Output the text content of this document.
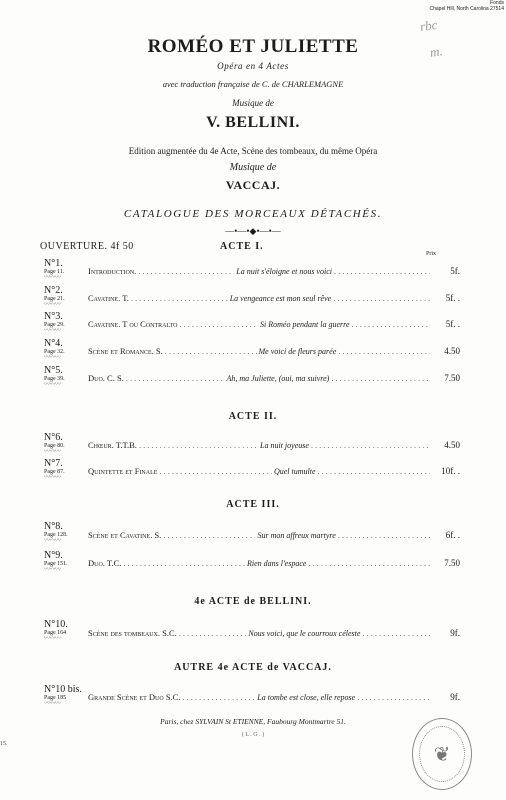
Fonds
Chapel Hill, North Carolina 27514
rbc
m.
ROMÉO ET JULIETTE
Opéra en 4 Actes
avec traduction française de C. de CHARLEMAGNE
Musique de
V. BELLINI.
Edition augmentée du 4e Acte, Scène des tombeaux, du même Opéra
Musique de
VACCAJ.
CATALOGUE DES MORCEAUX DÉTACHÉS.
—•—•◆•—•—
OUVERTURE. 4f 50	ACTE I.
Prix
N°1.
Page 11.
〰〰〰
Introduction. .....	La nuit s'éloigne et nous voici .....	5f.
N°2.
Page 21.
〰〰〰
Cavatine. T. .....	La vengeance est mon seul rêve .....	5f. .
N°3.
Page 29.
〰〰〰
Cavatine. T ou Contralto .....	Si Roméo pendant la guerre .....	5f. .
N°4.
Page 32.
〰〰〰
Scène et Romance. S. .....	Me voici de fleurs parée .....	4.50
N°5.
Page 39.
〰〰〰
Duo. C. S. .....	Ah, ma Juliette, (oui, ma suivre) .....	7.50
ACTE II.
N°6.
Page 80.
〰〰〰
Chœur. T.T.B. .....	La nuit joyeuse .....	4.50
N°7.
Page 87.
〰〰〰
Quintette et Finale .....	Quel tumulte .....	10f. .
ACTE III.
N°8.
Page 128.
〰〰〰
Scène et Cavatine. S. .....	Sur mon affreux martyre .....	6f. .
N°9.
Page 151.
〰〰〰
Duo. T.C. .....	Rien dans l'espace .....	7.50
4e ACTE de BELLINI.
N°10.
Page 164
〰〰〰
Scène des tombeaux. S.C. .....	Nous voici, que le courroux céleste .....	9f.
AUTRE 4e ACTE de VACCAJ.
N°10 bis.
Page 185
〰〰〰
Grande Scène et Duo S.C. .....	La tombe est close, elle repose .....	9f.
Paris, chez SYLVAIN St ETIENNE, Faubourg Montmartre 51.
( L . G . )
15.	❦
